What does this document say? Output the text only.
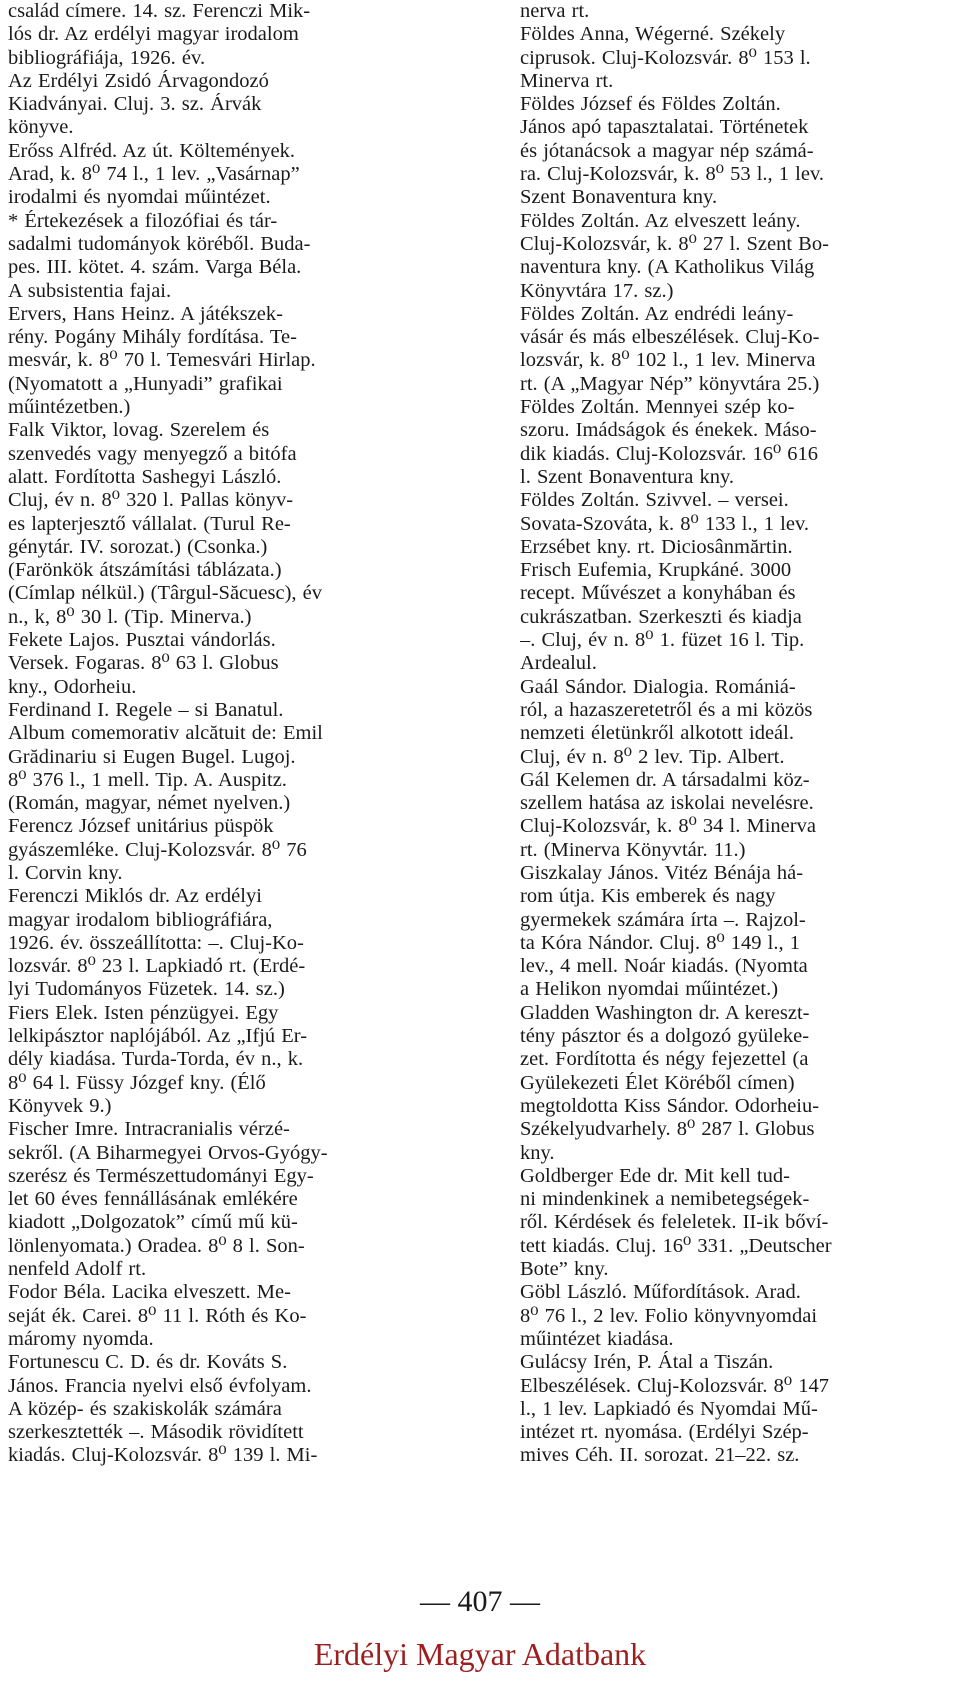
család címere. 14. sz. Ferenczi Mik-
lós dr. Az erdélyi magyar irodalom
bibliográfiája, 1926. év.
Az Erdélyi Zsidó Árvagondozó
Kiadványai. Cluj. 3. sz. Árvák
könyve.
Erőss Alfréd. Az út. Költemények.
Arad, k. 8⁰ 74 l., 1 lev. „Vasárnap”
irodalmi és nyomdai műintézet.
* Értekezések a filozófiai és tár-
sadalmi tudományok köréből. Buda-
pes. III. kötet. 4. szám. Varga Béla.
A subsistentia fajai.
Ervers, Hans Heinz. A játékszek-
rény. Pogány Mihály fordítása. Te-
mesvár, k. 8⁰ 70 l. Temesvári Hirlap.
(Nyomatott a „Hunyadi” grafikai
műintézetben.)
Falk Viktor, lovag. Szerelem és
szenvedés vagy menyegző a bitófa
alatt. Fordította Sashegyi László.
Cluj, év n. 8⁰ 320 l. Pallas könyv-
es lapterjesztő vállalat. (Turul Re-
génytár. IV. sorozat.) (Csonka.)
(Farönkök átszámítási táblázata.)
(Címlap nélkül.) (Târgul-Săcuesc), év
n., k, 8⁰ 30 l. (Tip. Minerva.)
Fekete Lajos. Pusztai vándorlás.
Versek. Fogaras. 8⁰ 63 l. Globus
kny., Odorheiu.
Ferdinand I. Regele – si Banatul.
Album comemorativ alcătuit de: Emil
Grădinariu si Eugen Bugel. Lugoj.
8⁰ 376 l., 1 mell. Tip. A. Auspitz.
(Román, magyar, német nyelven.)
Ferencz József unitárius püspök
gyászemléke. Cluj-Kolozsvár. 8⁰ 76
l. Corvin kny.
Ferenczi Miklós dr. Az erdélyi
magyar irodalom bibliográfiára,
1926. év. összeállította: –. Cluj-Ko-
lozsvár. 8⁰ 23 l. Lapkiadó rt. (Erdé-
lyi Tudományos Füzetek. 14. sz.)
Fiers Elek. Isten pénzügyei. Egy
lelkipásztor naplójából. Az „Ifjú Er-
dély kiadása. Turda-Torda, év n., k.
8⁰ 64 l. Füssy Józgef kny. (Élő
Könyvek 9.)
Fischer Imre. Intracranialis vérzé-
sekről. (A Biharmegyei Orvos-Gyógy-
szerész és Természettudományi Egy-
let 60 éves fennállásának emlékére
kiadott „Dolgozatok” című mű kü-
lönlenyomata.) Oradea. 8⁰ 8 l. Son-
nenfeld Adolf rt.
Fodor Béla. Lacika elveszett. Me-
seját ék. Carei. 8⁰ 11 l. Róth és Ko-
máromy nyomda.
Fortunescu C. D. és dr. Kováts S.
János. Francia nyelvi első évfolyam.
A közép- és szakiskolák számára
szerkesztették –. Második rövidített
kiadás. Cluj-Kolozsvár. 8⁰ 139 l. Mi-
nerva rt.
Földes Anna, Wégerné. Székely
ciprusok. Cluj-Kolozsvár. 8⁰ 153 l.
Minerva rt.
Földes József és Földes Zoltán.
János apó tapasztalatai. Történetek
és jótanácsok a magyar nép számá-
ra. Cluj-Kolozsvár, k. 8⁰ 53 l., 1 lev.
Szent Bonaventura kny.
Földes Zoltán. Az elveszett leány.
Cluj-Kolozsvár, k. 8⁰ 27 l. Szent Bo-
naventura kny. (A Katholikus Világ
Könyvtára 17. sz.)
Földes Zoltán. Az endrédi leány-
vásár és más elbeszélések. Cluj-Ko-
lozsvár, k. 8⁰ 102 l., 1 lev. Minerva
rt. (A „Magyar Nép” könyvtára 25.)
Földes Zoltán. Mennyei szép ko-
szoru. Imádságok és énekek. Máso-
dik kiadás. Cluj-Kolozsvár. 16⁰ 616
l. Szent Bonaventura kny.
Földes Zoltán. Szivvel. – versei.
Sovata-Szováta, k. 8⁰ 133 l., 1 lev.
Erzsébet kny. rt. Diciosânmărtin.
Frisch Eufemia, Krupkáné. 3000
recept. Művészet a konyhában és
cukrászatban. Szerkeszti és kiadja
–. Cluj, év n. 8⁰ 1. füzet 16 l. Tip.
Ardealul.
Gaál Sándor. Dialogia. Romániá-
ról, a hazaszeretetről és a mi közös
nemzeti életünkről alkotott ideál.
Cluj, év n. 8⁰ 2 lev. Tip. Albert.
Gál Kelemen dr. A társadalmi köz-
szellem hatása az iskolai nevelésre.
Cluj-Kolozsvár, k. 8⁰ 34 l. Minerva
rt. (Minerva Könyvtár. 11.)
Giszkalay János. Vitéz Bénája há-
rom útja. Kis emberek és nagy
gyermekek számára írta –. Rajzol-
ta Kóra Nándor. Cluj. 8⁰ 149 l., 1
lev., 4 mell. Noár kiadás. (Nyomta
a Helikon nyomdai műintézet.)
Gladden Washington dr. A kereszt-
tény pásztor és a dolgozó gyüleke-
zet. Fordította és négy fejezettel (a
Gyülekezeti Élet Köréből címen)
megtoldotta Kiss Sándor. Odorheiu-
Székelyudvarhely. 8⁰ 287 l. Globus
kny.
Goldberger Ede dr. Mit kell tud-
ni mindenkinek a nemibetegségek-
ről. Kérdések és feleletek. II-ik bőví-
tett kiadás. Cluj. 16⁰ 331. „Deutscher
Bote” kny.
Göbl László. Műfordítások. Arad.
8⁰ 76 l., 2 lev. Folio könyvnyomdai
műintézet kiadása.
Gulácsy Irén, P. Átal a Tiszán.
Elbeszélések. Cluj-Kolozsvár. 8⁰ 147
l., 1 lev. Lapkiadó és Nyomdai Mű-
intézet rt. nyomása. (Erdélyi Szép-
mives Céh. II. sorozat. 21–22. sz.
— 407 —
Erdélyi Magyar Adatbank
